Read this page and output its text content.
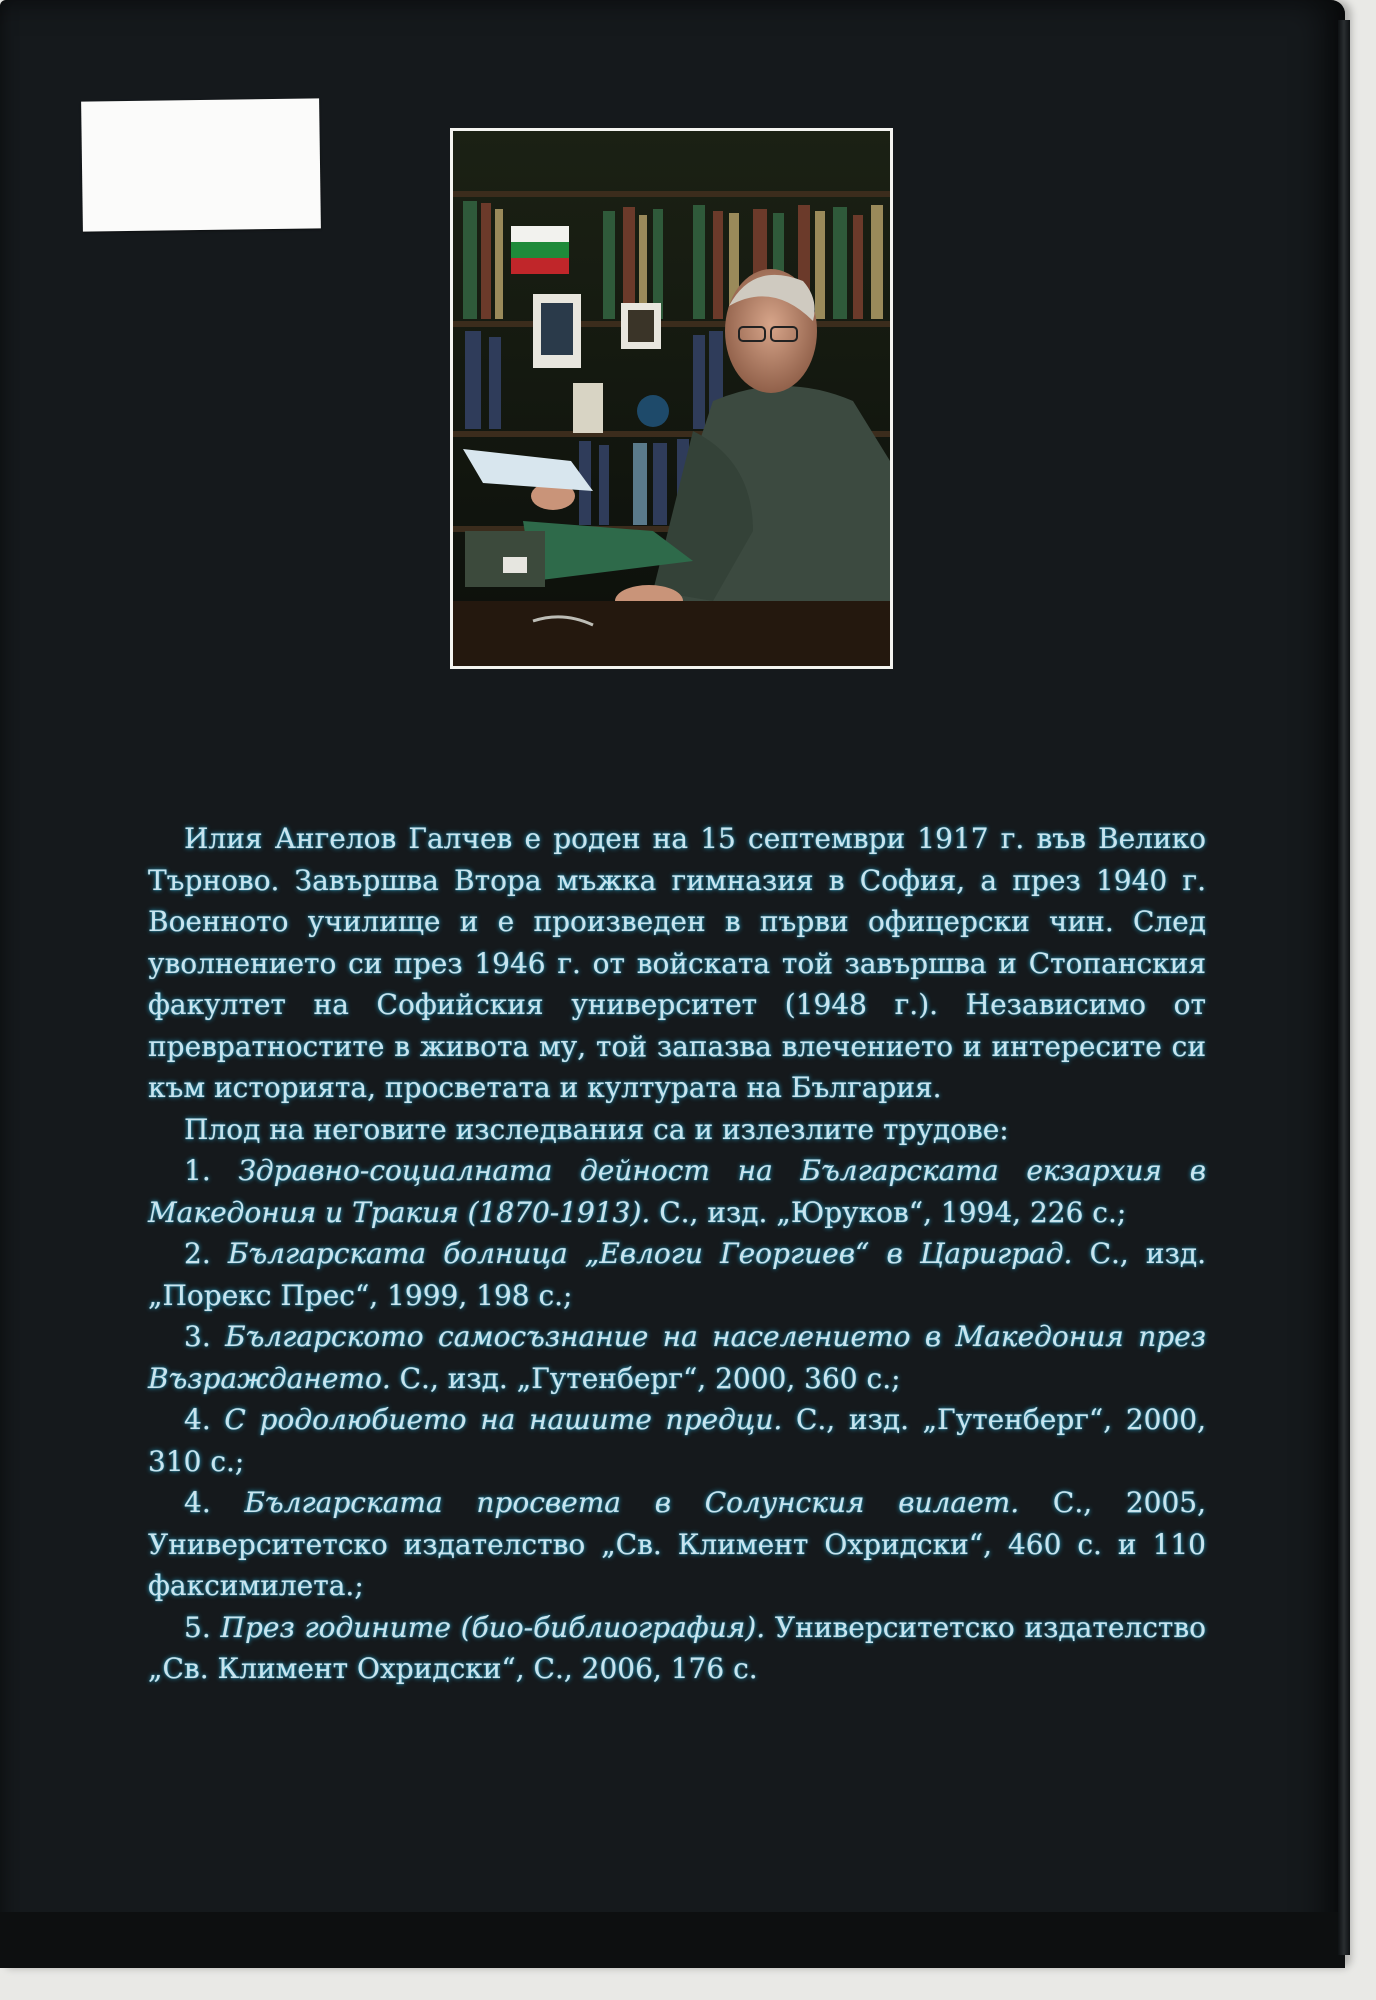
Илия Ангелов Галчев е роден на 15 септември 1917 г. във Велико Търново. Завършва Втора мъжка гимназия в София, а през 1940 г. Военното училище и е произведен в първи офицерски чин. След уволнението си през 1946 г. от войската той завършва и Стопанския факултет на Софийския университет (1948 г.). Независимо от превратностите в живота му, той запазва влечението и интересите си към историята, просветата и културата на България.

Плод на неговите изследвания са и излезлите трудове:

1. Здравно-социалната дейност на Българската екзархия в Македония и Тракия (1870-1913). С., изд. „Юруков“, 1994, 226 с.;

2. Българската болница „Евлоги Георгиев“ в Цариград. С., изд. „Порекс Прес“, 1999, 198 с.;

3. Българското самосъзнание на населението в Македония през Възраждането. С., изд. „Гутенберг“, 2000, 360 с.;

4. С родолюбието на нашите предци. С., изд. „Гутенберг“, 2000, 310 с.;

4. Българската просвета в Солунския вилает. С., 2005, Университетско издателство „Св. Климент Охридски“, 460 с. и 110 факсимилета.;

5. През годините (био-библиография). Университетско издателство „Св. Климент Охридски“, С., 2006, 176 с.
